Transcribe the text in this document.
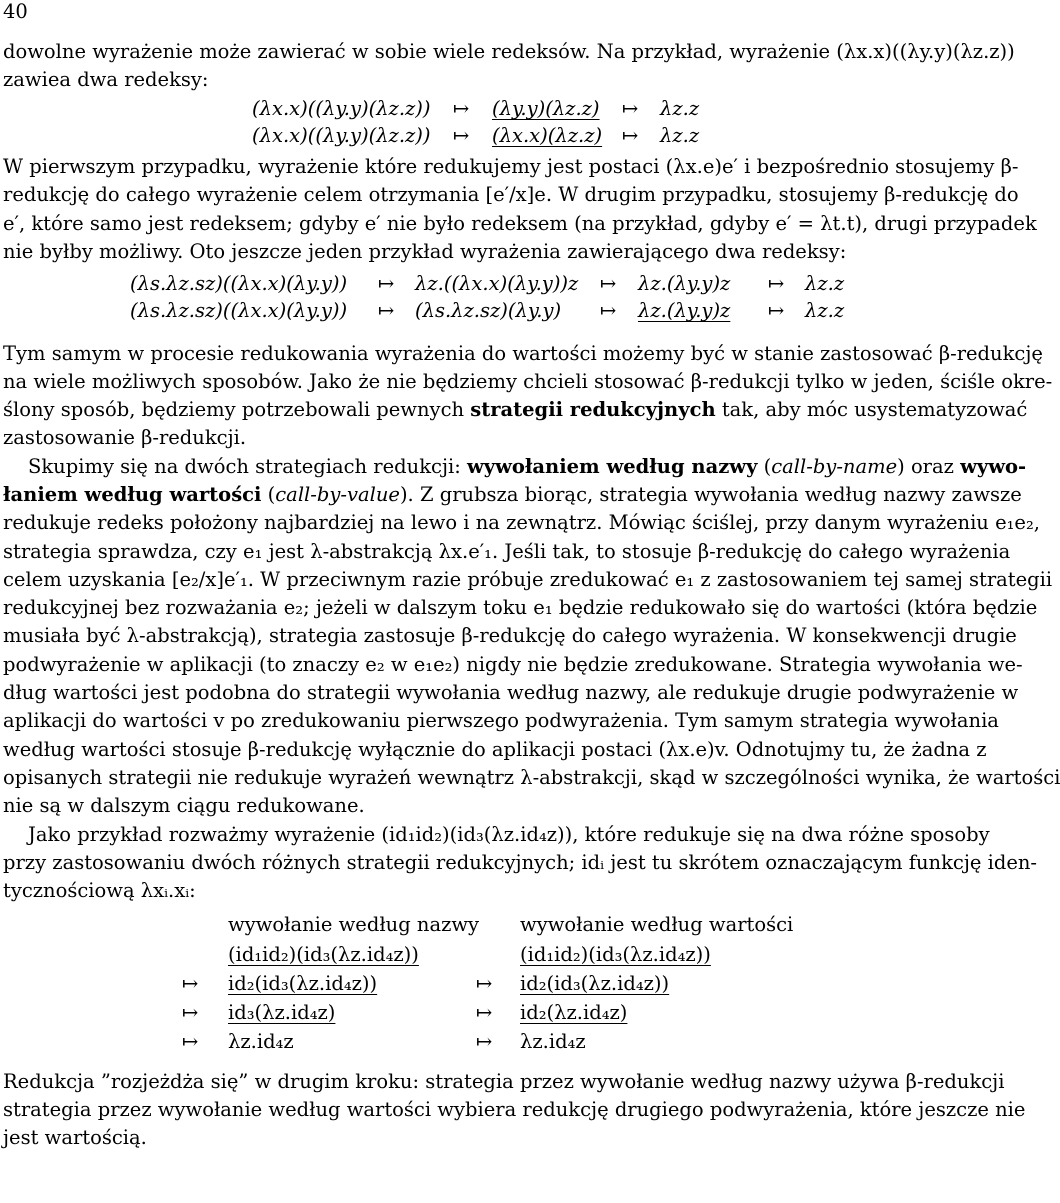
40
dowolne wyrażenie może zawierać w sobie wiele redeksów. Na przykład, wyrażenie (λx.x)((λy.y)(λz.z))
zawiea dwa redeksy:
(λx.x)((λy.y)(λz.z)) ↦ (λy.y)(λz.z) ↦ λz.z
(λx.x)((λy.y)(λz.z)) ↦ (λx.x)(λz.z) ↦ λz.z
W pierwszym przypadku, wyrażenie które redukujemy jest postaci (λx.e)e′ i bezpośrednio stosujemy β-
redukcję do całego wyrażenie celem otrzymania [e′/x]e. W drugim przypadku, stosujemy β-redukcję do
e′, które samo jest redeksem; gdyby e′ nie było redeksem (na przykład, gdyby e′ = λt.t), drugi przypadek
nie byłby możliwy. Oto jeszcze jeden przykład wyrażenia zawierającego dwa redeksy:
(λs.λz.sz)((λx.x)(λy.y)) ↦ λz.((λx.x)(λy.y))z ↦ λz.(λy.y)z ↦ λz.z
(λs.λz.sz)((λx.x)(λy.y)) ↦ (λs.λz.sz)(λy.y) ↦ λz.(λy.y)z ↦ λz.z
Tym samym w procesie redukowania wyrażenia do wartości możemy być w stanie zastosować β-redukcję
na wiele możliwych sposobów. Jako że nie będziemy chcieli stosować β-redukcji tylko w jeden, ściśle okre-
ślony sposób, będziemy potrzebowali pewnych strategii redukcyjnych tak, aby móc usystematyzować
zastosowanie β-redukcji.
Skupimy się na dwóch strategiach redukcji: wywołaniem według nazwy (call-by-name) oraz wywo-
łaniem według wartości (call-by-value). Z grubsza biorąc, strategia wywołania według nazwy zawsze
redukuje redeks położony najbardziej na lewo i na zewnątrz. Mówiąc ściślej, przy danym wyrażeniu e₁e₂,
strategia sprawdza, czy e₁ jest λ-abstrakcją λx.e′₁. Jeśli tak, to stosuje β-redukcję do całego wyrażenia
celem uzyskania [e₂/x]e′₁. W przeciwnym razie próbuje zredukować e₁ z zastosowaniem tej samej strategii
redukcyjnej bez rozważania e₂; jeżeli w dalszym toku e₁ będzie redukowało się do wartości (która będzie
musiała być λ-abstrakcją), strategia zastosuje β-redukcję do całego wyrażenia. W konsekwencji drugie
podwyrażenie w aplikacji (to znaczy e₂ w e₁e₂) nigdy nie będzie zredukowane. Strategia wywołania we-
dług wartości jest podobna do strategii wywołania według nazwy, ale redukuje drugie podwyrażenie w
aplikacji do wartości v po zredukowaniu pierwszego podwyrażenia. Tym samym strategia wywołania
według wartości stosuje β-redukcję wyłącznie do aplikacji postaci (λx.e)v. Odnotujmy tu, że żadna z
opisanych strategii nie redukuje wyrażeń wewnątrz λ-abstrakcji, skąd w szczególności wynika, że wartości
nie są w dalszym ciągu redukowane.
Jako przykład rozważmy wyrażenie (id₁id₂)(id₃(λz.id₄z)), które redukuje się na dwa różne sposoby
przy zastosowaniu dwóch różnych strategii redukcyjnych; idᵢ jest tu skrótem oznaczającym funkcję iden-
tycznościową λxᵢ.xᵢ:
wywołanie według nazwy wywołanie według wartości
(id₁id₂)(id₃(λz.id₄z))
↦ id₂(id₃(λz.id₄z))
↦ id₃(λz.id₄z)
↦ λz.id₄z
(id₁id₂)(id₃(λz.id₄z))
↦ id₂(id₃(λz.id₄z))
↦ id₂(λz.id₄z)
↦ λz.id₄z
Redukcja ”rozjeżdża się” w drugim kroku: strategia przez wywołanie według nazwy używa β-redukcji
strategia przez wywołanie według wartości wybiera redukcję drugiego podwyrażenia, które jeszcze nie
jest wartością.
